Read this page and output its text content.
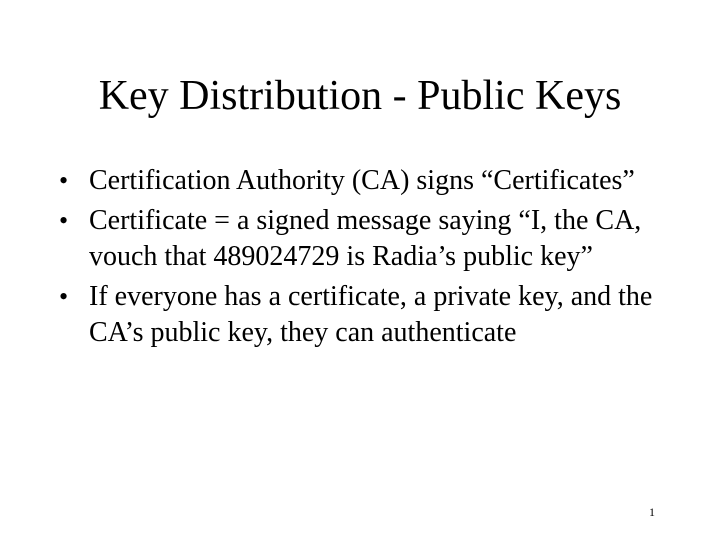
Key Distribution - Public Keys
• Certification Authority (CA) signs “Certificates”
• Certificate = a signed message saying “I, the CA, vouch that 489024729 is Radia’s public key”
• If everyone has a certificate, a private key, and the CA’s public key, they can authenticate
1
